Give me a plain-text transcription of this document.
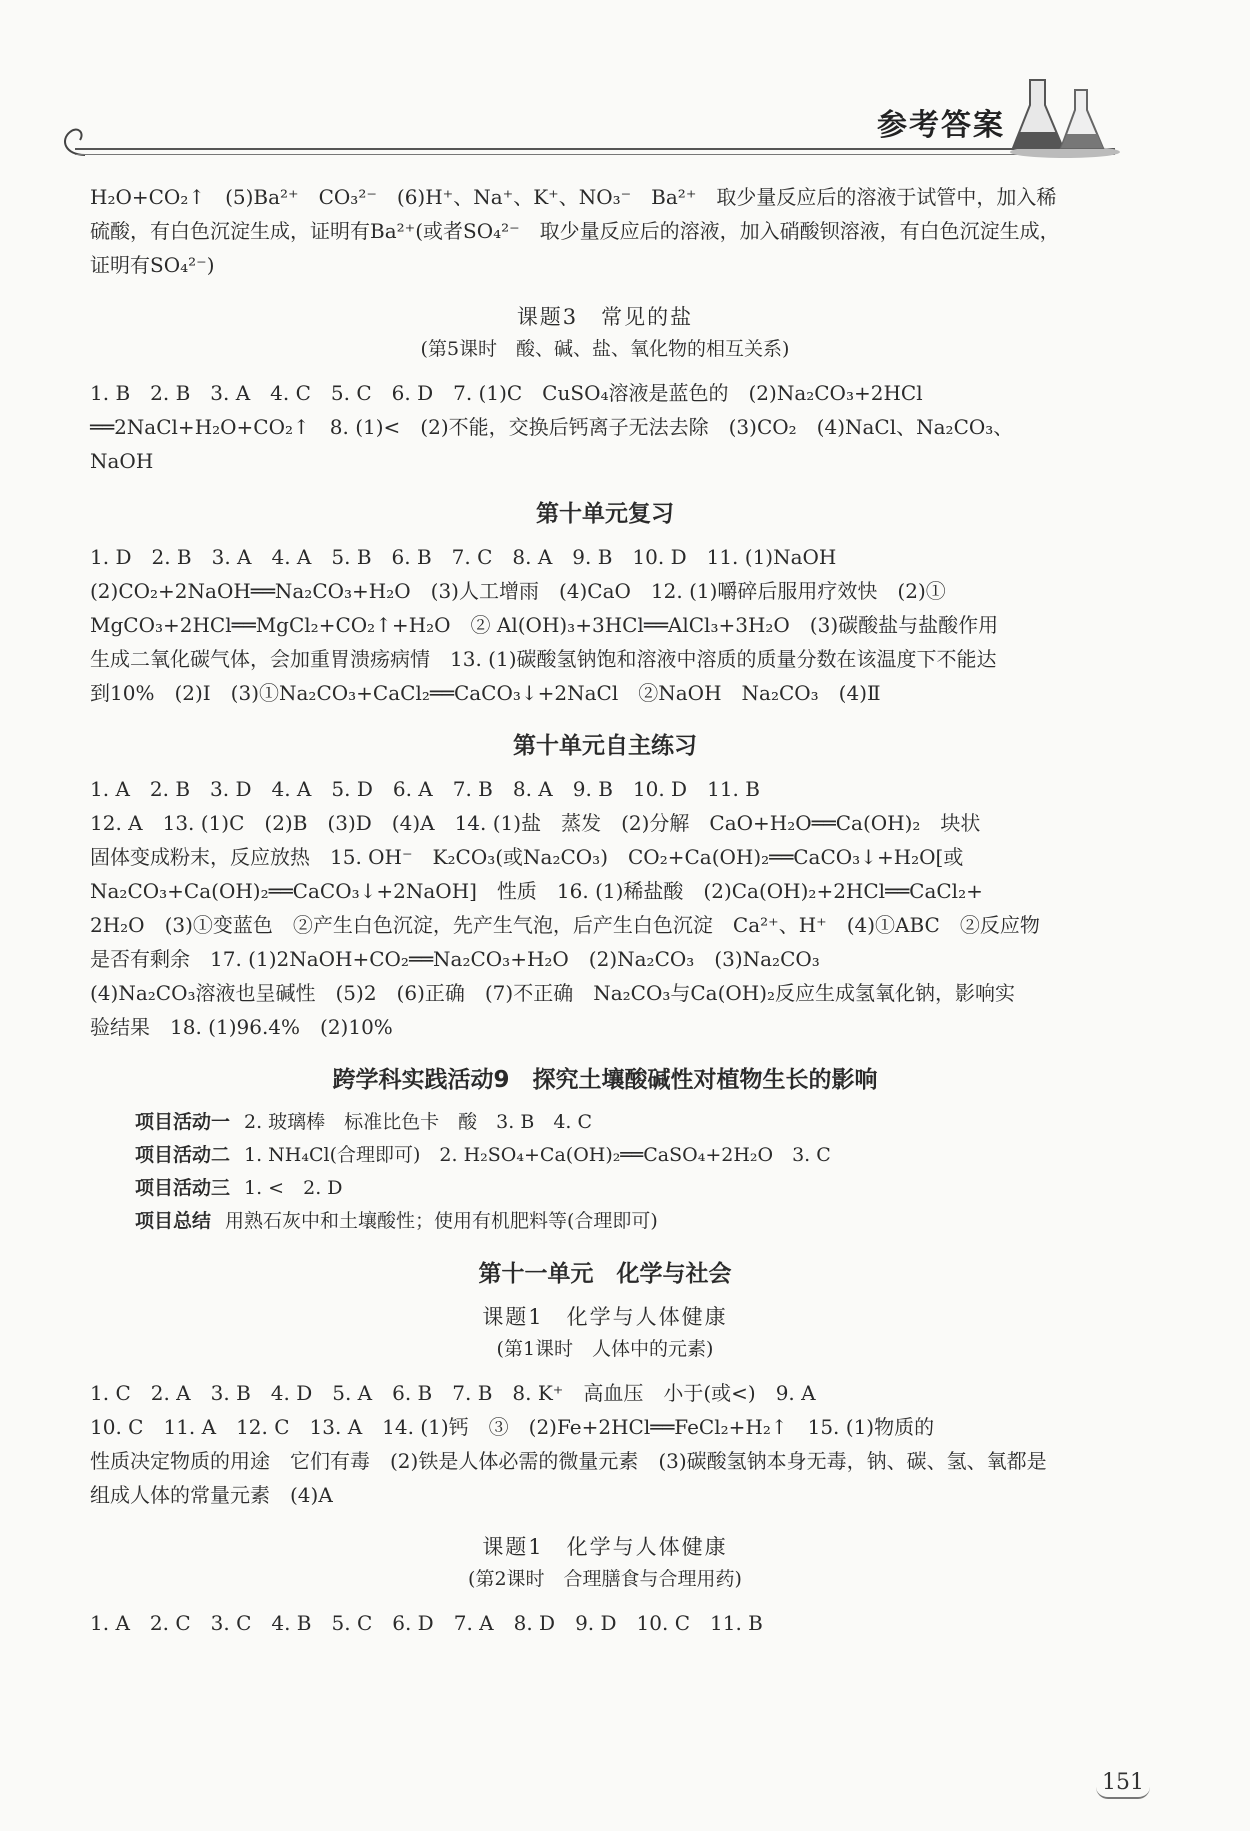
参考答案

H₂O+CO₂↑　(5)Ba²⁺　CO₃²⁻　(6)H⁺、Na⁺、K⁺、NO₃⁻　Ba²⁺　取少量反应后的溶液于试管中，加入稀

硫酸，有白色沉淀生成，证明有Ba²⁺(或者SO₄²⁻　取少量反应后的溶液，加入硝酸钡溶液，有白色沉淀生成，

证明有SO₄²⁻)

课题3　常见的盐
(第5课时　酸、碱、盐、氧化物的相互关系)

1. B　2. B　3. A　4. C　5. C　6. D　7. (1)C　CuSO₄溶液是蓝色的　(2)Na₂CO₃+2HCl

══2NaCl+H₂O+CO₂↑　8. (1)<　(2)不能，交换后钙离子无法去除　(3)CO₂　(4)NaCl、Na₂CO₃、

NaOH

第十单元复习

1. D　2. B　3. A　4. A　5. B　6. B　7. C　8. A　9. B　10. D　11. (1)NaOH

(2)CO₂+2NaOH══Na₂CO₃+H₂O　(3)人工增雨　(4)CaO　12. (1)嚼碎后服用疗效快　(2)①

MgCO₃+2HCl══MgCl₂+CO₂↑+H₂O　② Al(OH)₃+3HCl══AlCl₃+3H₂O　(3)碳酸盐与盐酸作用

生成二氧化碳气体，会加重胃溃疡病情　13. (1)碳酸氢钠饱和溶液中溶质的质量分数在该温度下不能达

到10%　(2)Ⅰ　(3)①Na₂CO₃+CaCl₂══CaCO₃↓+2NaCl　②NaOH　Na₂CO₃　(4)Ⅱ

第十单元自主练习

1. A　2. B　3. D　4. A　5. D　6. A　7. B　8. A　9. B　10. D　11. B

12. A　13. (1)C　(2)B　(3)D　(4)A　14. (1)盐　蒸发　(2)分解　CaO+H₂O══Ca(OH)₂　块状

固体变成粉末，反应放热　15. OH⁻　K₂CO₃(或Na₂CO₃)　CO₂+Ca(OH)₂══CaCO₃↓+H₂O[或

Na₂CO₃+Ca(OH)₂══CaCO₃↓+2NaOH]　性质　16. (1)稀盐酸　(2)Ca(OH)₂+2HCl══CaCl₂+

2H₂O　(3)①变蓝色　②产生白色沉淀，先产生气泡，后产生白色沉淀　Ca²⁺、H⁺　(4)①ABC　②反应物

是否有剩余　17. (1)2NaOH+CO₂══Na₂CO₃+H₂O　(2)Na₂CO₃　(3)Na₂CO₃

(4)Na₂CO₃溶液也呈碱性　(5)2　(6)正确　(7)不正确　Na₂CO₃与Ca(OH)₂反应生成氢氧化钠，影响实

验结果　18. (1)96.4%　(2)10%

跨学科实践活动9　探究土壤酸碱性对植物生长的影响
项目活动一 2. 玻璃棒　标准比色卡　酸　3. B　4. C
项目活动二 1. NH₄Cl(合理即可)　2. H₂SO₄+Ca(OH)₂══CaSO₄+2H₂O　3. C
项目活动三 1. <　2. D
项目总结 用熟石灰中和土壤酸性；使用有机肥料等(合理即可)
第十一单元　化学与社会
课题1　化学与人体健康
(第1课时　人体中的元素)

1. C　2. A　3. B　4. D　5. A　6. B　7. B　8. K⁺　高血压　小于(或<)　9. A

10. C　11. A　12. C　13. A　14. (1)钙　③　(2)Fe+2HCl══FeCl₂+H₂↑　15. (1)物质的

性质决定物质的用途　它们有毒　(2)铁是人体必需的微量元素　(3)碳酸氢钠本身无毒，钠、碳、氢、氧都是

组成人体的常量元素　(4)A

课题1　化学与人体健康
(第2课时　合理膳食与合理用药)

1. A　2. C　3. C　4. B　5. C　6. D　7. A　8. D　9. D　10. C　11. B

151
